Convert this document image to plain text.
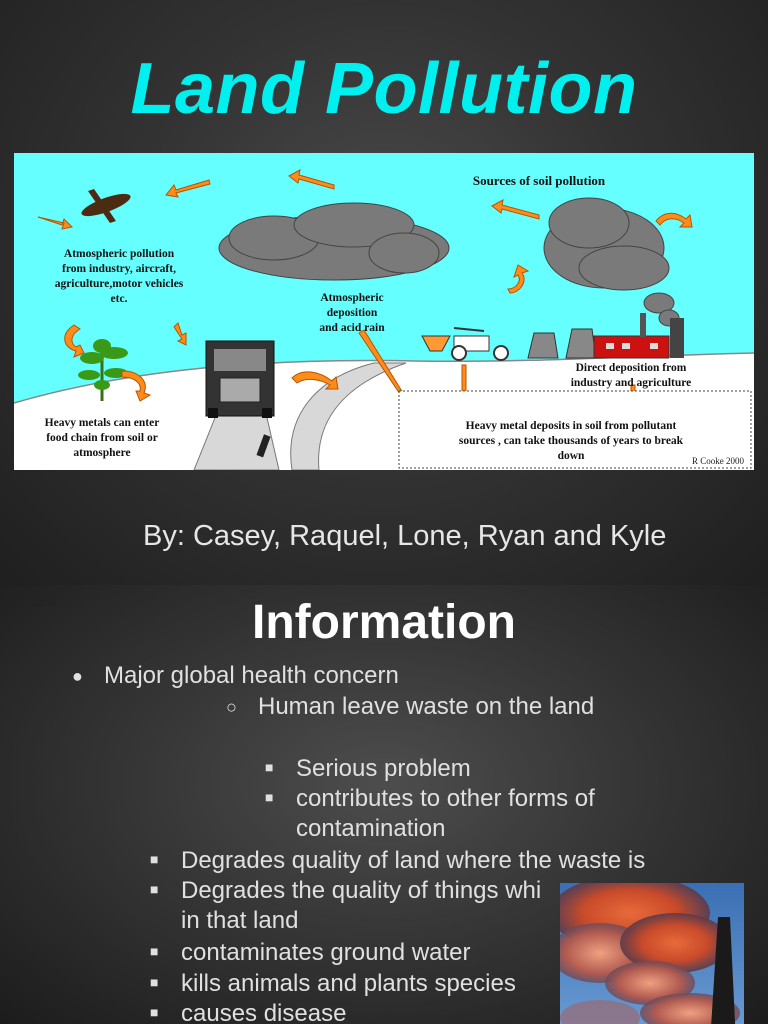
Land Pollution
Sources of soil pollution
Atmospheric pollution
from industry, aircraft,
agriculture,motor vehicles
etc.	Atmospheric
deposition
and acid rain
Direct deposition from
industry and agriculture
Heavy metals can enter
food chain from soil or
atmosphere
Heavy metal deposits in soil from pollutant
sources , can take thousands of years to break
down	R Cooke 2000
By: Casey, Raquel, Lone, Ryan and Kyle
Lone	Information
● Major global health concern
○ Human leave waste on the land
■ Serious problem
■ contributes to other forms of
contamination
■ Degrades quality of land where the waste is
■ Degrades the quality of things whi
in that land
■ contaminates ground water
■ kills animals and plants species
■ causes disease
